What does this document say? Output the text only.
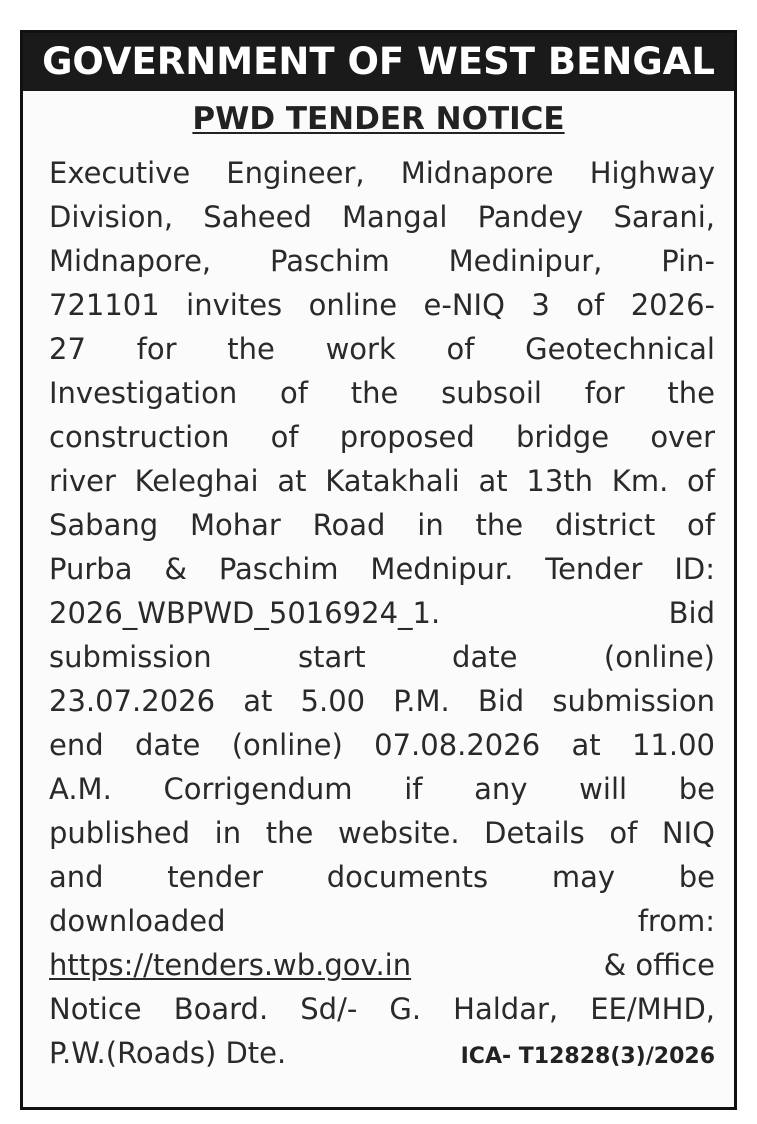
GOVERNMENT OF WEST BENGAL
PWD TENDER NOTICE
Executive Engineer, Midnapore Highway
Division, Saheed Mangal Pandey Sarani,
Midnapore, Paschim Medinipur, Pin-
721101 invites online e-NIQ 3 of 2026-
27 for the work of Geotechnical
Investigation of the subsoil for the
construction of proposed bridge over
river Keleghai at Katakhali at 13th Km. of
Sabang Mohar Road in the district of
Purba & Paschim Mednipur. Tender ID:
2026_WBPWD_5016924_1. Bid
submission start date (online)
23.07.2026 at 5.00 P.M. Bid submission
end date (online) 07.08.2026 at 11.00
A.M. Corrigendum if any will be
published in the website. Details of NIQ
and tender documents may be
downloaded from:
https://tenders.wb.gov.in	& office
Notice Board. Sd/- G. Haldar, EE/MHD,
P.W.(Roads) Dte.	ICA- T12828(3)/2026
